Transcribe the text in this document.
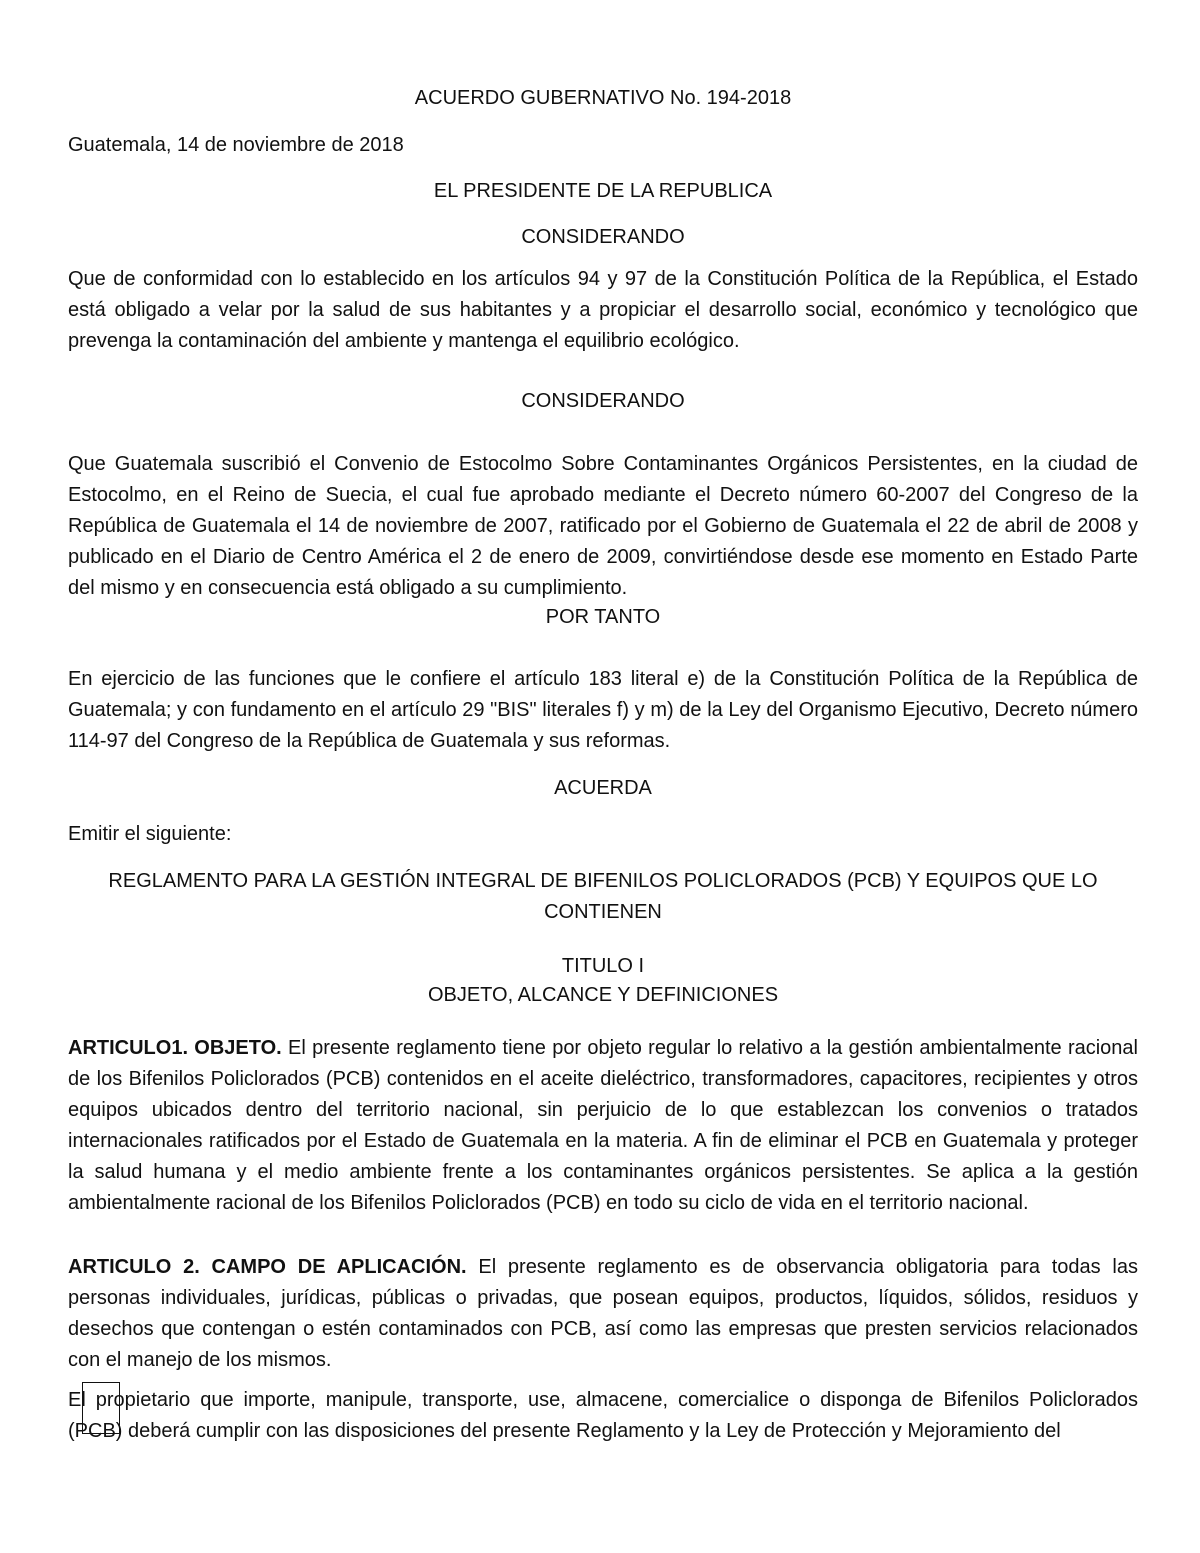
ACUERDO GUBERNATIVO No. 194-2018

Guatemala, 14 de noviembre de 2018

EL PRESIDENTE DE LA REPUBLICA

CONSIDERANDO

Que de conformidad con lo establecido en los artículos 94 y 97 de la Constitución Política de la República, el Estado está obligado a velar por la salud de sus habitantes y a propiciar el desarrollo social, económico y tecnológico que prevenga la contaminación del ambiente y mantenga el equilibrio ecológico.

CONSIDERANDO

Que Guatemala suscribió el Convenio de Estocolmo Sobre Contaminantes Orgánicos Persistentes, en la ciudad de Estocolmo, en el Reino de Suecia, el cual fue aprobado mediante el Decreto número 60-2007 del Congreso de la República de Guatemala el 14 de noviembre de 2007, ratificado por el Gobierno de Guatemala el 22 de abril de 2008 y publicado en el Diario de Centro América el 2 de enero de 2009, convirtiéndose desde ese momento en Estado Parte del mismo y en consecuencia está obligado a su cumplimiento.

POR TANTO

En ejercicio de las funciones que le confiere el artículo 183 literal e) de la Constitución Política de la República de Guatemala; y con fundamento en el artículo 29 "BIS" literales f) y m) de la Ley del Organismo Ejecutivo, Decreto número 114-97 del Congreso de la República de Guatemala y sus reformas.

ACUERDA

Emitir el siguiente:

REGLAMENTO PARA LA GESTIÓN INTEGRAL DE BIFENILOS POLICLORADOS (PCB) Y EQUIPOS QUE LO CONTIENEN

TITULO I

OBJETO, ALCANCE Y DEFINICIONES

ARTICULO1. OBJETO. El presente reglamento tiene por objeto regular lo relativo a la gestión ambientalmente racional de los Bifenilos Policlorados (PCB) contenidos en el aceite dieléctrico, transformadores, capacitores, recipientes y otros equipos ubicados dentro del territorio nacional, sin perjuicio de lo que establezcan los convenios o tratados internacionales ratificados por el Estado de Guatemala en la materia. A fin de eliminar el PCB en Guatemala y proteger la salud humana y el medio ambiente frente a los contaminantes orgánicos persistentes. Se aplica a la gestión ambientalmente racional de los Bifenilos Policlorados (PCB) en todo su ciclo de vida en el territorio nacional.

ARTICULO 2. CAMPO DE APLICACIÓN. El presente reglamento es de observancia obligatoria para todas las personas individuales, jurídicas, públicas o privadas, que posean equipos, productos, líquidos, sólidos, residuos y desechos que contengan o estén contaminados con PCB, así como las empresas que presten servicios relacionados con el manejo de los mismos.

El propietario que importe, manipule, transporte, use, almacene, comercialice o disponga de Bifenilos Policlorados (PCB) deberá cumplir con las disposiciones del presente Reglamento y la Ley de Protección y Mejoramiento del
